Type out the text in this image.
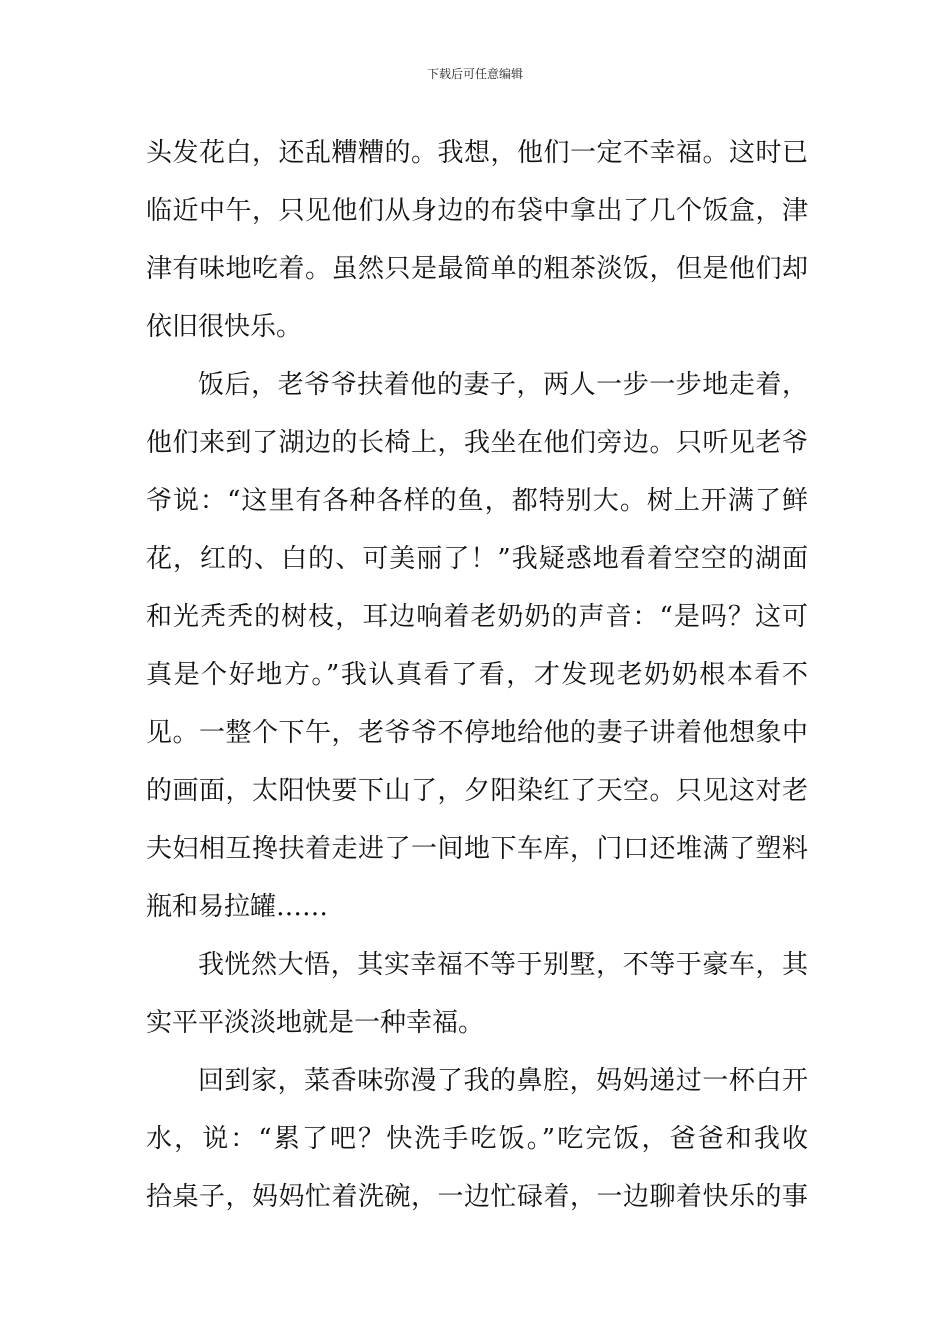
下载后可任意编辑
头发花白，还乱糟糟的。我想，他们一定不幸福。这时已
临近中午，只见他们从身边的布袋中拿出了几个饭盒，津
津有味地吃着。虽然只是最简单的粗茶淡饭，但是他们却
依旧很快乐。
饭后，老爷爷扶着他的妻子，两人一步一步地走着，
他们来到了湖边的长椅上，我坐在他们旁边。只听见老爷
爷说：“这里有各种各样的鱼，都特别大。树上开满了鲜
花，红的、白的、可美丽了！”我疑惑地看着空空的湖面
和光秃秃的树枝，耳边响着老奶奶的声音：“是吗？这可
真是个好地方。”我认真看了看，才发现老奶奶根本看不
见。一整个下午，老爷爷不停地给他的妻子讲着他想象中
的画面，太阳快要下山了，夕阳染红了天空。只见这对老
夫妇相互搀扶着走进了一间地下车库，门口还堆满了塑料
瓶和易拉罐……
我恍然大悟，其实幸福不等于别墅，不等于豪车，其
实平平淡淡地就是一种幸福。
回到家，菜香味弥漫了我的鼻腔，妈妈递过一杯白开
水，说：“累了吧？快洗手吃饭。”吃完饭，爸爸和我收
拾桌子，妈妈忙着洗碗，一边忙碌着，一边聊着快乐的事
